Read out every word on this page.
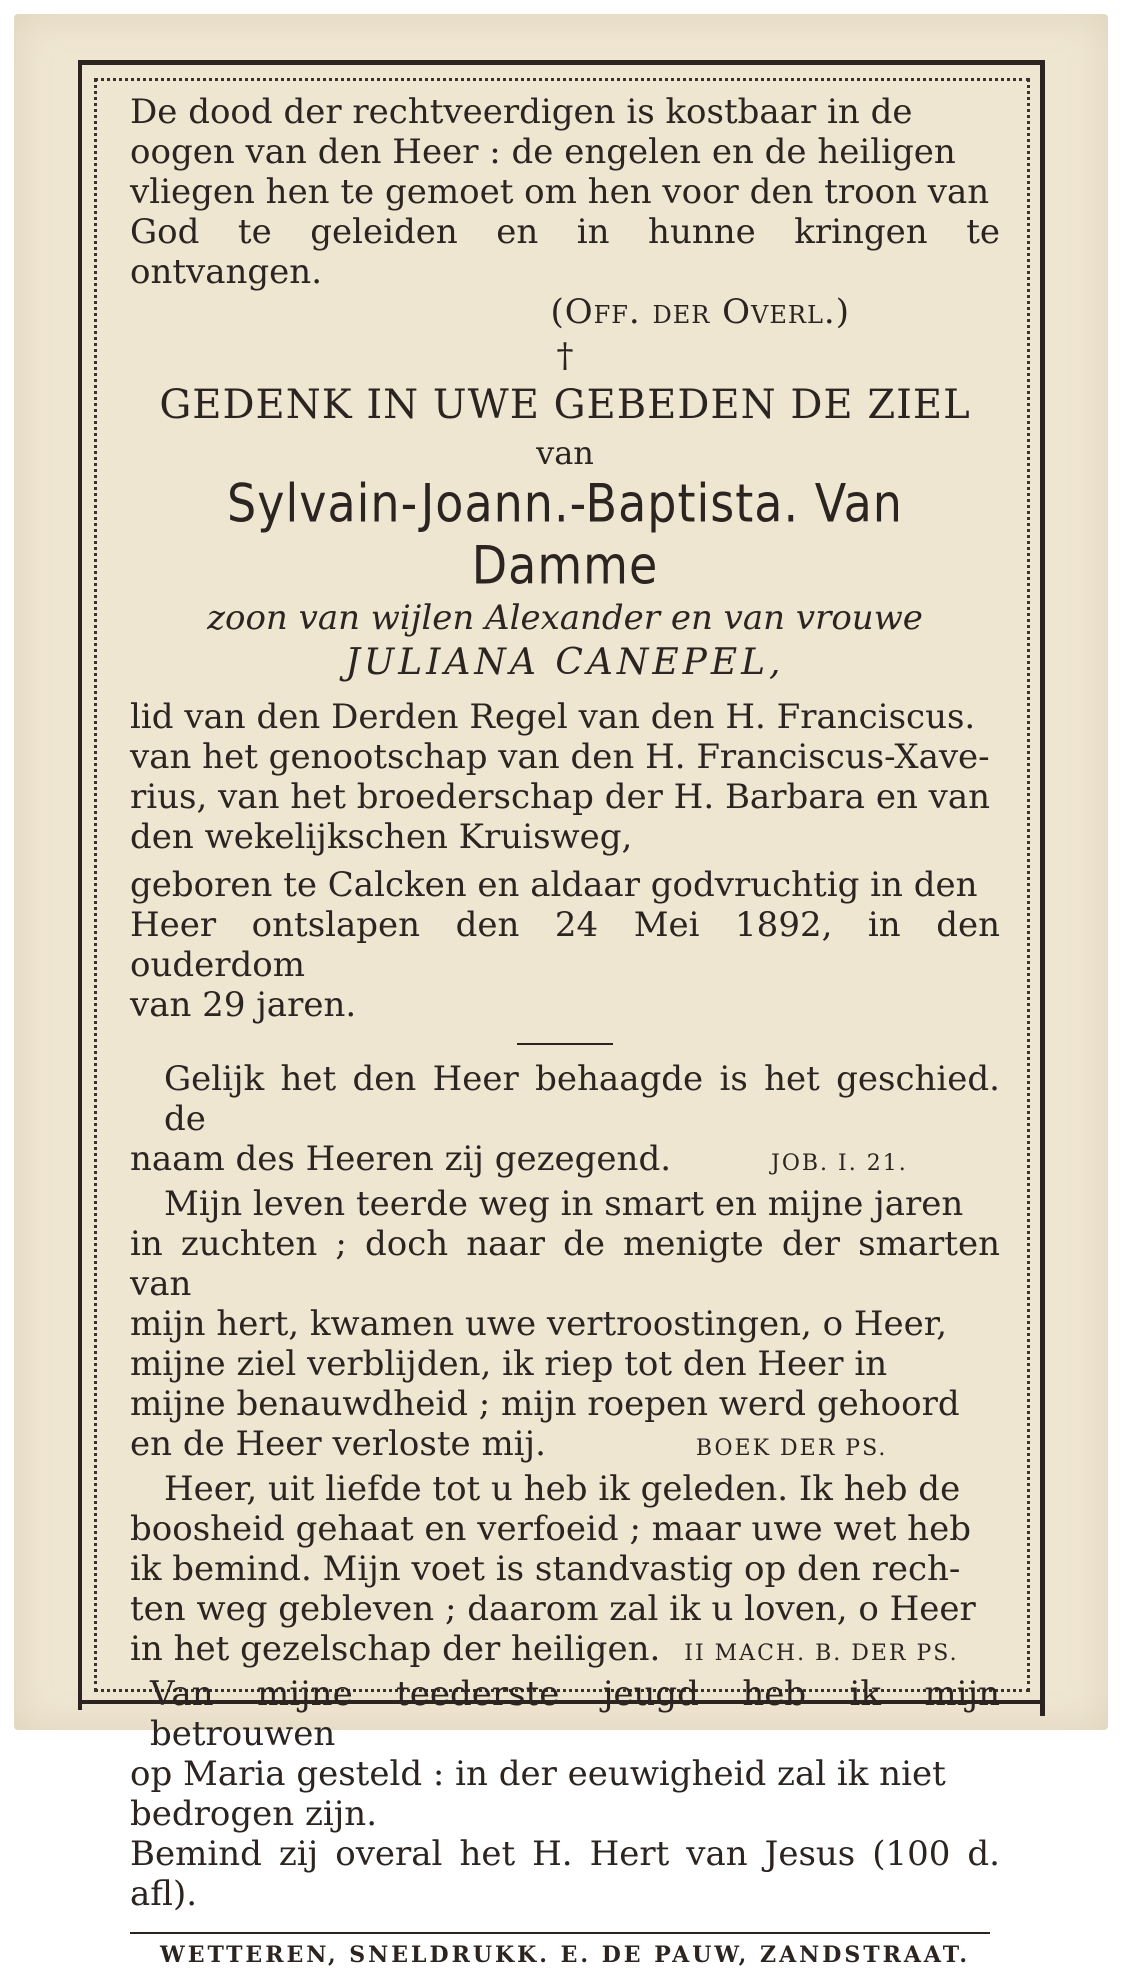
De dood der rechtveerdigen is kostbaar in de

oogen van den Heer : de engelen en de heiligen

vliegen hen te gemoet om hen voor den troon van

God te geleiden en in hunne kringen te ontvangen.

(Off. der Overl.)

†
GEDENK IN UWE GEBEDEN DE ZIEL
van
Sylvain-Joann.-Baptista. Van Damme
zoon van wijlen Alexander en van vrouwe
JULIANA CANEPEL,

lid van den Derden Regel van den H. Franciscus.

van het genootschap van den H. Franciscus-Xave-

rius, van het broederschap der H. Barbara en van

den wekelijkschen Kruisweg,

geboren te Calcken en aldaar godvruchtig in den

Heer ontslapen den 24 Mei 1892, in den ouderdom

van 29 jaren.

Gelijk het den Heer behaagde is het geschied. de

naam des Heeren zij gezegend.	JOB. I. 21.

Mijn leven teerde weg in smart en mijne jaren

in zuchten ; doch naar de menigte der smarten van

mijn hert, kwamen uwe vertroostingen, o Heer,

mijne ziel verblijden, ik riep tot den Heer in

mijne benauwdheid ; mijn roepen werd gehoord

en de Heer verloste mij.	BOEK DER PS.

Heer, uit liefde tot u heb ik geleden. Ik heb de

boosheid gehaat en verfoeid ; maar uwe wet heb

ik bemind. Mijn voet is standvastig op den rech-

ten weg gebleven ; daarom zal ik u loven, o Heer

in het gezelschap der heiligen. II MACH. B. DER PS.

Van mijne teederste jeugd heb ik mijn betrouwen

op Maria gesteld : in der eeuwigheid zal ik niet

bedrogen zijn.

Bemind zij overal het H. Hert van Jesus (100 d. afl).

WETTEREN, SNELDRUKK. E. DE PAUW, ZANDSTRAAT.
